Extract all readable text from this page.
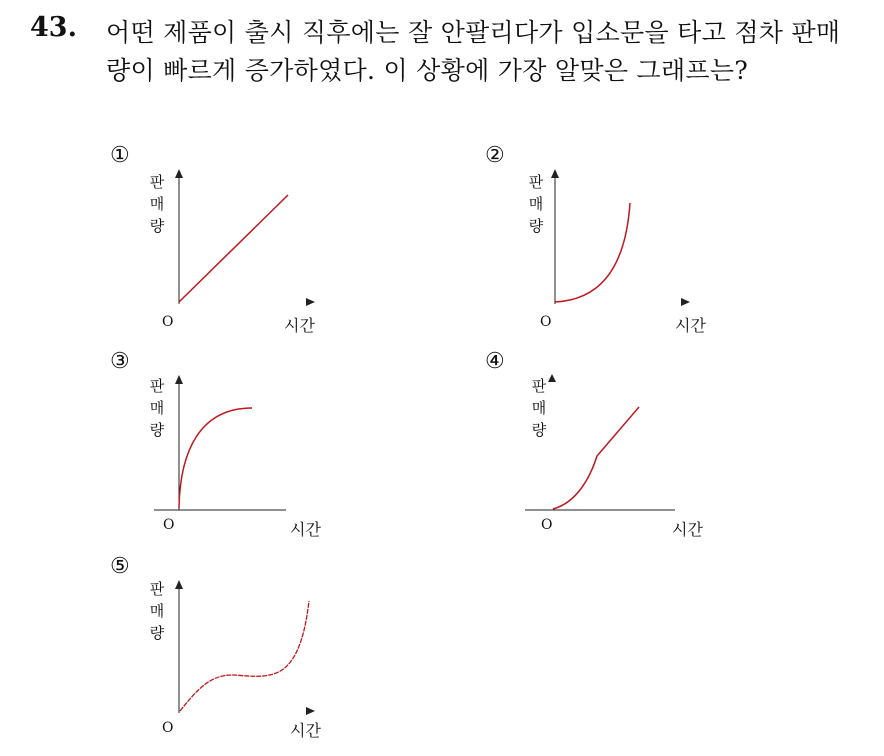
43. 어떤 제품이 출시 직후에는 잘 안팔리다가 입소문을 타고 점차 판매
량이 빠르게 증가하였다. 이 상황에 가장 알맞은 그래프는?
①
판
매
량
O	시간
②
판
매
량
O	시간
③
판
매
량
O	시간
④
판
매
량
O	시간
⑤
판
매
량
O	시간
